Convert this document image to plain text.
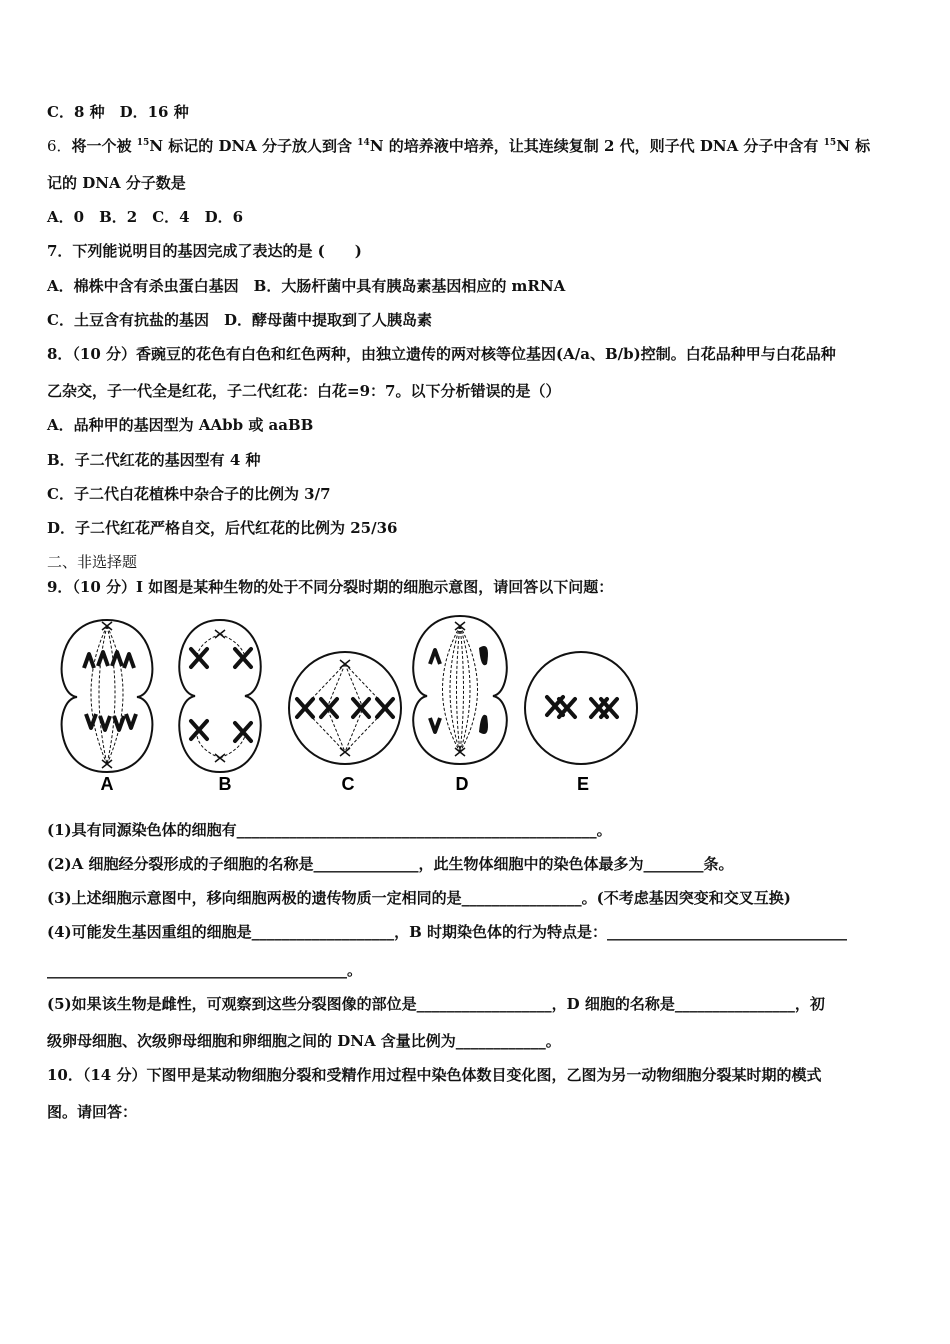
C．8 种　D．16 种
6．将一个被 $^{15}$N 标记的 DNA 分子放人到含 $^{14}$N 的培养液中培养，让其连续复制 2 代，则子代 DNA 分子中含有 $^{15}$N 标
记的 DNA 分子数是
A．0　B．2　C．4　D．6
7．下列能说明目的基因完成了表达的是 (　　)
A．棉株中含有杀虫蛋白基因　B．大肠杆菌中具有胰岛素基因相应的 mRNA
C．土豆含有抗盐的基因　D．酵母菌中提取到了人胰岛素
8．（10 分）香豌豆的花色有白色和红色两种，由独立遗传的两对核等位基因(A/a、B/b)控制。白花品种甲与白花品种
乙杂交，子一代全是红花，子二代红花：白花=9：7。以下分析错误的是（）
A．品种甲的基因型为 AAbb 或 aaBB
B．子二代红花的基因型有 4 种
C．子二代白花植株中杂合子的比例为 3/7
D．子二代红花严格自交，后代红花的比例为 25/36
二、非选择题
9．（10 分）I 如图是某种生物的处于不同分裂时期的细胞示意图，请回答以下问题：
A	B	C	D	E
(1)具有同源染色体的细胞有________________________________________________。
(2)A 细胞经分裂形成的子细胞的名称是______________，此生物体细胞中的染色体最多为________条。
(3)上述细胞示意图中，移向细胞两极的遗传物质一定相同的是________________。(不考虑基因突变和交叉互换)
(4)可能发生基因重组的细胞是___________________，B 时期染色体的行为特点是：________________________________
________________________________________。
(5)如果该生物是雌性，可观察到这些分裂图像的部位是__________________，D 细胞的名称是________________，初
级卵母细胞、次级卵母细胞和卵细胞之间的 DNA 含量比例为____________。
10．（14 分）下图甲是某动物细胞分裂和受精作用过程中染色体数目变化图，乙图为另一动物细胞分裂某时期的模式
图。请回答：
